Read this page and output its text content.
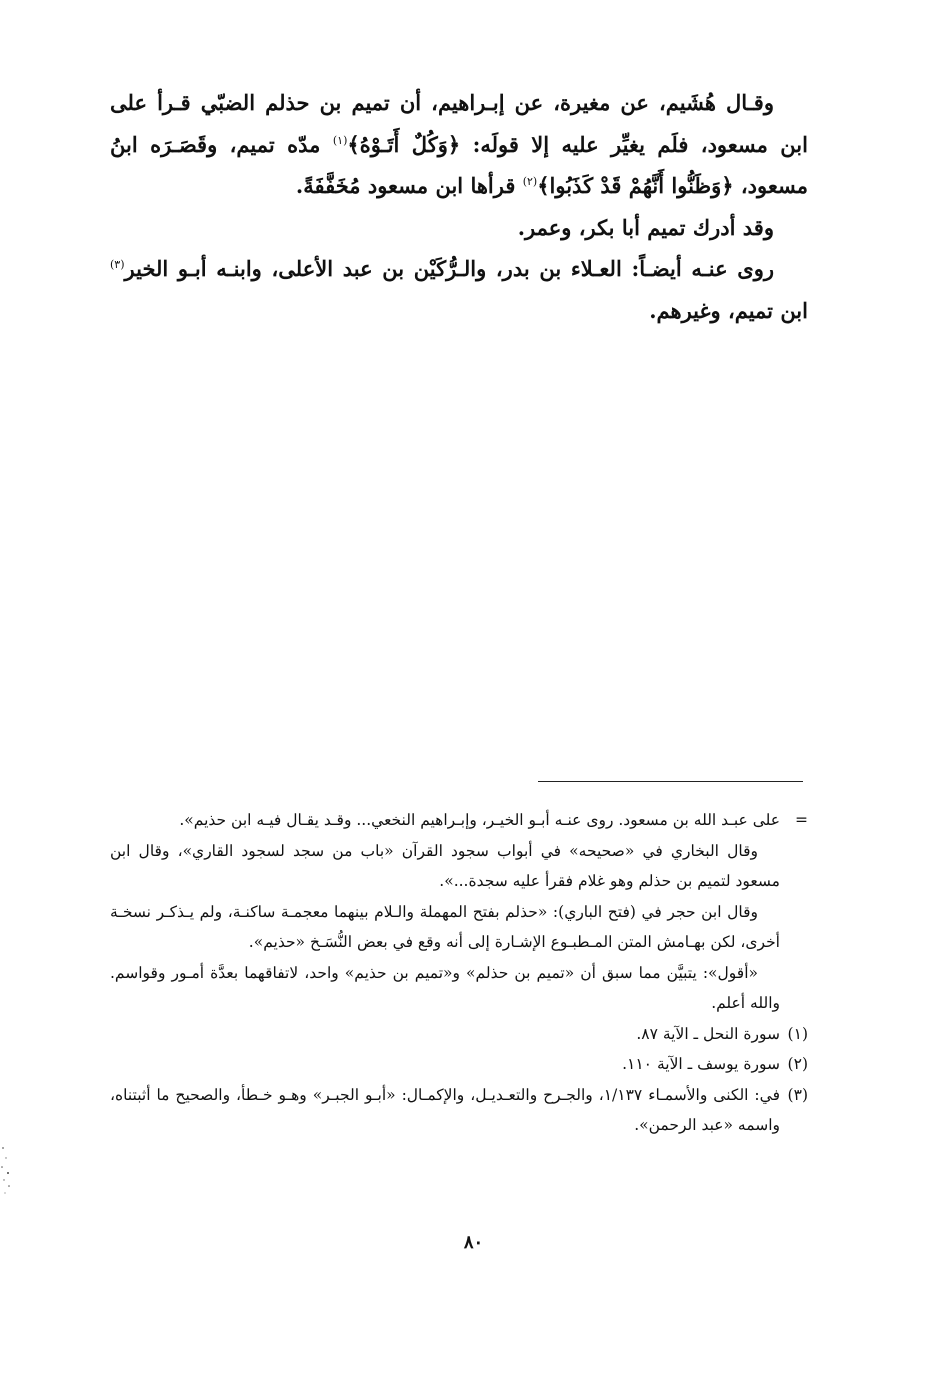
وقـال هُشَيم، عن مغيرة، عن إبـراهيم، أن تميم بن حذلم الضبّي قـرأ على ابن مسعود، فلَم يغيِّر عليه إلا قولَه: ﴿وَكُلٌ أَتَـوْهُ﴾$^{(١)}$ مدّه تميم، وقَصَـرَه ابنُ مسعود، ﴿وَظَنُّوا أَنَّهُمْ قَدْ كَذَبُوا﴾$^{(٢)}$ قرأها ابن مسعود مُخَفَّفَةً.

وقد أدرك تميم أبا بكر، وعمر.

روى عنـه أيضـاً: العـلاء بن بدر، والـرُّكَيْن بن عبد الأعلى، وابنـه أبـو الخير$^{(٣)}$ ابن تميم، وغيرهم.

=
على عبـد الله بن مسعود. روى عنـه أبـو الخيـر، وإبـراهيم النخعي... وقـد يقـال فيـه ابن حذيم».

وقال البخاري في «صحيحه» في أبواب سجود القرآن «باب من سجد لسجود القاري»، وقال ابن مسعود لتميم بن حذلم وهو غلام فقرأ عليه سجدة...».

وقال ابن حجر في (فتح الباري): «حذلم بفتح المهملة والـلام بينهما معجمـة ساكنـة، ولم يـذكـر نسخـة أخرى، لكن بهـامش المتن المـطبـوع الإشـارة إلى أنه وقع في بعض النُّسَـخ «حذيم».

«أقول»: يتبيَّن مما سبق أن «تميم بن حذلم» و«تميم بن حذيم» واحد، لاتفاقهما بعدَّة أمـور وقواسم. والله أعلم.

(١)
سورة النحل ـ الآية ٨٧.

(٢)
سورة يوسف ـ الآية ١١٠.

(٣)
في: الكنى والأسمـاء ١/١٣٧، والجـرح والتعـديـل، والإكمـال: «أبـو الجبـر» وهـو خـطأ، والصحيح ما أثبتناه، واسمه «عبد الرحمن».

٨٠
